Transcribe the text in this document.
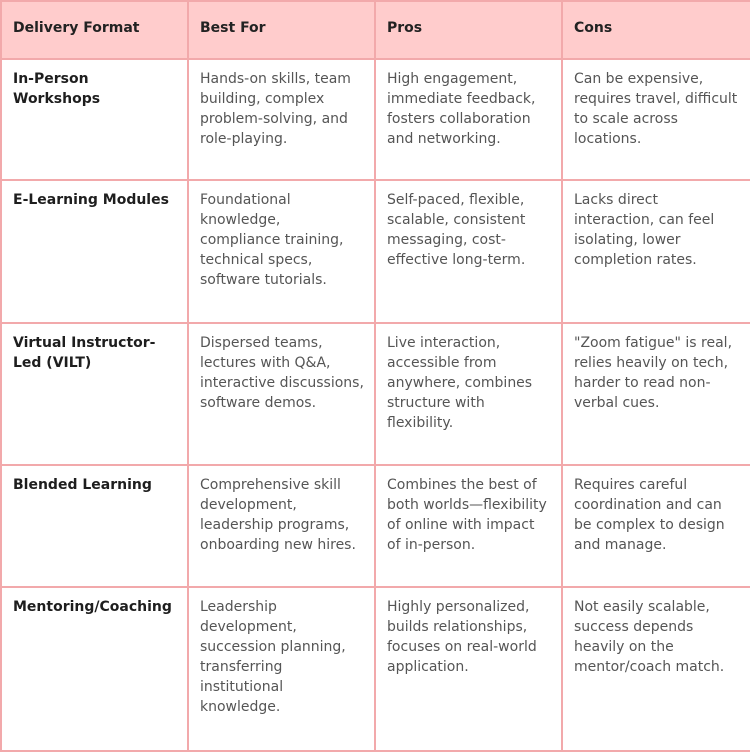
Delivery Format	Best For	Pros	Cons
In-Person Workshops	Hands-on skills, team building, complex problem-solving, and role-playing.	High engagement, immediate feedback, fosters collaboration and networking.	Can be expensive, requires travel, difficult to scale across locations.
E-Learning Modules	Foundational knowledge, compliance training, technical specs, software tutorials.	Self-paced, flexible, scalable, consistent messaging, cost-effective long-term.	Lacks direct interaction, can feel isolating, lower completion rates.
Virtual Instructor-Led (VILT)	Dispersed teams, lectures with Q&A, interactive discussions, software demos.	Live interaction, accessible from anywhere, combines structure with flexibility.	"Zoom fatigue" is real, relies heavily on tech, harder to read non-verbal cues.
Blended Learning	Comprehensive skill development, leadership programs, onboarding new hires.	Combines the best of both worlds—flexibility of online with impact of in-person.	Requires careful coordination and can be complex to design and manage.
Mentoring/Coaching	Leadership development, succession planning, transferring institutional knowledge.	Highly personalized, builds relationships, focuses on real-world application.	Not easily scalable, success depends heavily on the mentor/coach match.
